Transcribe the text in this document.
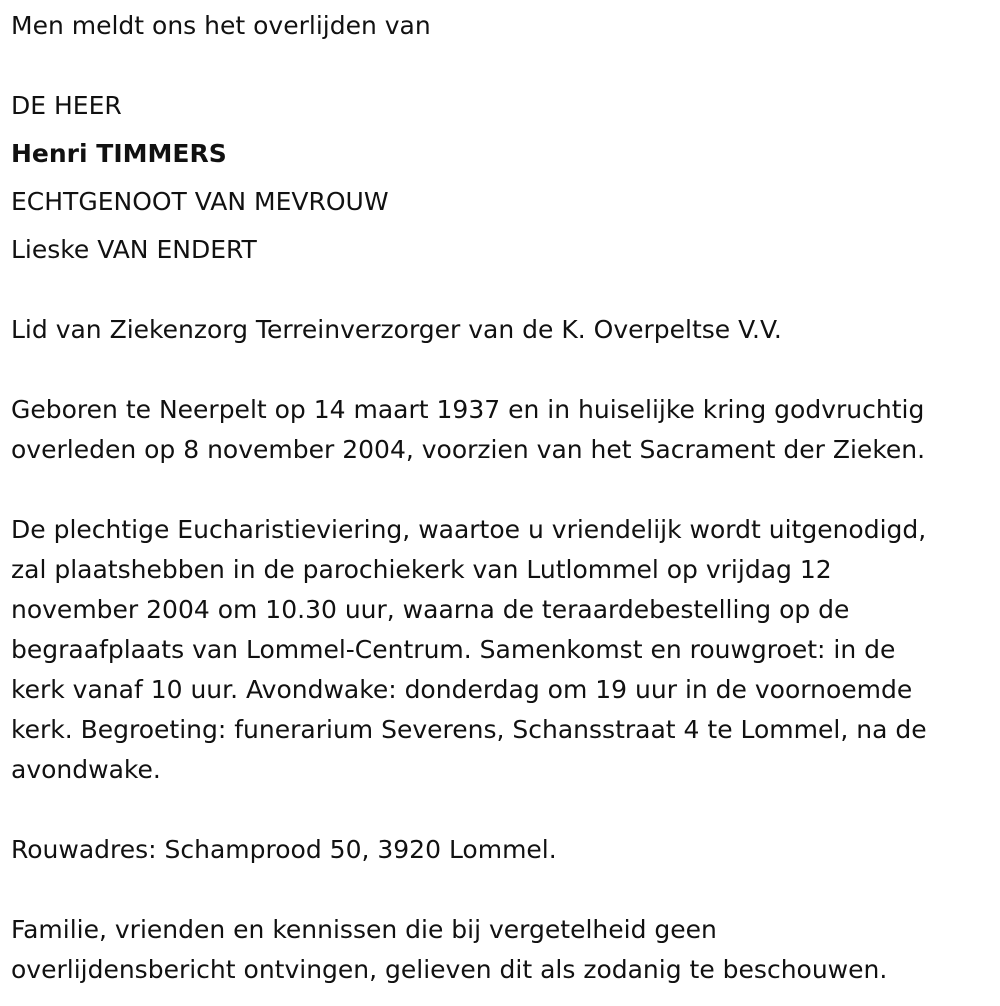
Men meldt ons het overlijden van

DE HEER

Henri TIMMERS

ECHTGENOOT VAN MEVROUW

Lieske VAN ENDERT

Lid van Ziekenzorg Terreinverzorger van de K. Overpeltse V.V.

Geboren te Neerpelt op 14 maart 1937 en in huiselijke kring godvruchtig

overleden op 8 november 2004, voorzien van het Sacrament der Zieken.

De plechtige Eucharistieviering, waartoe u vriendelijk wordt uitgenodigd,

zal plaatshebben in de parochiekerk van Lutlommel op vrijdag 12

november 2004 om 10.30 uur, waarna de teraardebestelling op de

begraafplaats van Lommel-Centrum. Samenkomst en rouwgroet: in de

kerk vanaf 10 uur. Avondwake: donderdag om 19 uur in de voornoemde

kerk. Begroeting: funerarium Severens, Schansstraat 4 te Lommel, na de

avondwake.

Rouwadres: Schamprood 50, 3920 Lommel.

Familie, vrienden en kennissen die bij vergetelheid geen

overlijdensbericht ontvingen, gelieven dit als zodanig te beschouwen.
